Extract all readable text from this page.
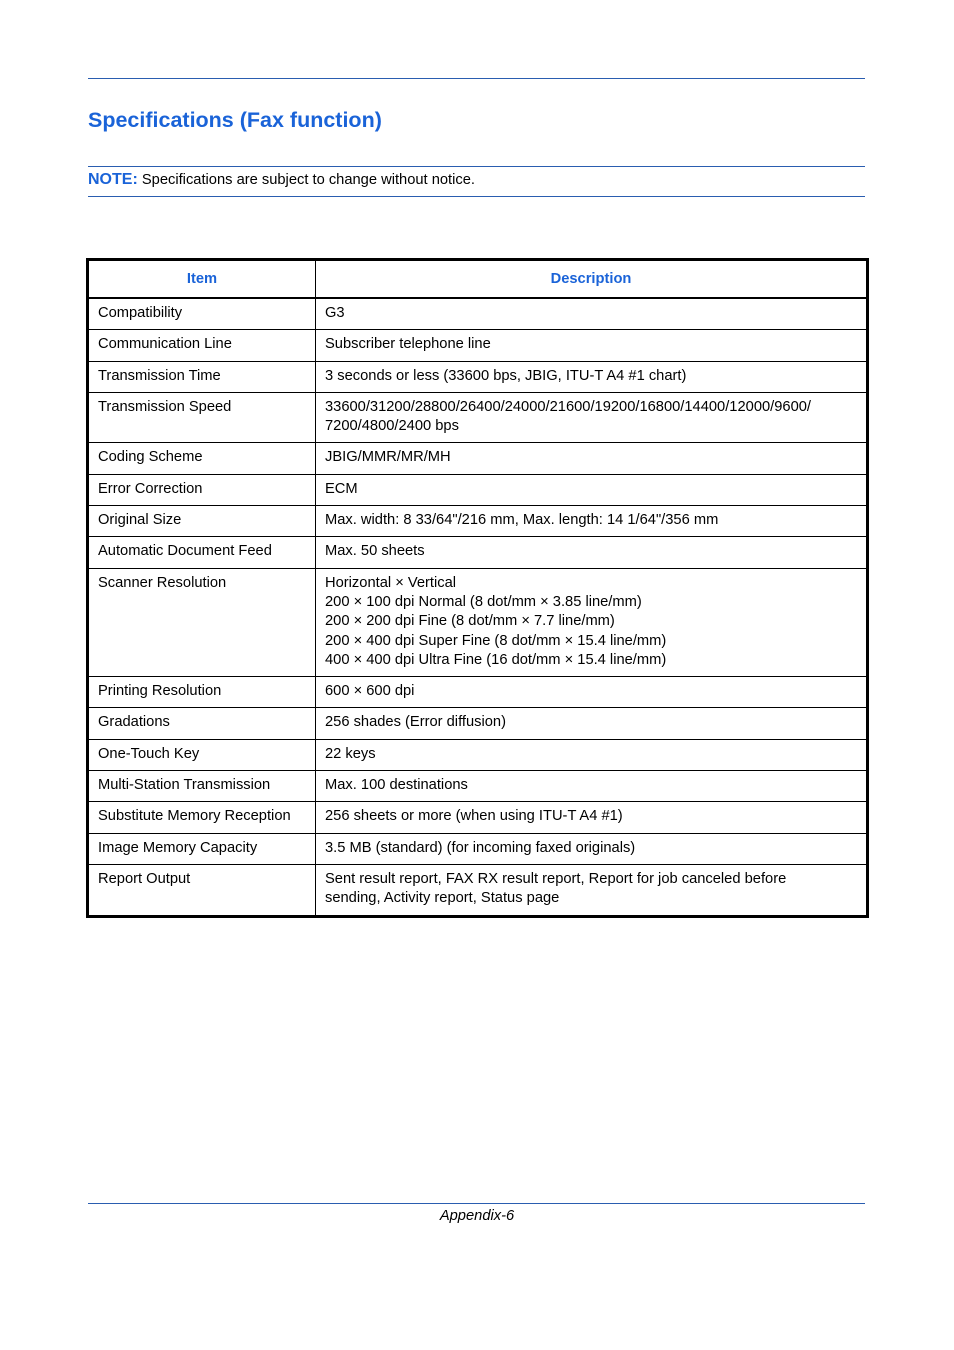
Specifications (Fax function)
NOTE: Specifications are subject to change without notice.
Item	Description
Compatibility	G3

Communication Line	Subscriber telephone line

Transmission Time	3 seconds or less (33600 bps, JBIG, ITU-T A4 #1 chart)

Transmission Speed	33600/31200/28800/26400/24000/21600/19200/16800/14400/12000/9600/
7200/4800/2400 bps

Coding Scheme	JBIG/MMR/MR/MH

Error Correction	ECM

Original Size	Max. width: 8 33/64"/216 mm, Max. length: 14 1/64"/356 mm

Automatic Document Feed	Max. 50 sheets

Scanner Resolution	Horizontal × Vertical
200 × 100 dpi Normal (8 dot/mm × 3.85 line/mm)
200 × 200 dpi Fine (8 dot/mm × 7.7 line/mm)
200 × 400 dpi Super Fine (8 dot/mm × 15.4 line/mm)
400 × 400 dpi Ultra Fine (16 dot/mm × 15.4 line/mm)

Printing Resolution	600 × 600 dpi

Gradations	256 shades (Error diffusion)

One-Touch Key	22 keys

Multi-Station Transmission	Max. 100 destinations

Substitute Memory Reception	256 sheets or more (when using ITU-T A4 #1)

Image Memory Capacity	3.5 MB (standard) (for incoming faxed originals)

Report Output	Sent result report, FAX RX result report, Report for job canceled before
sending, Activity report, Status page
Appendix-6
